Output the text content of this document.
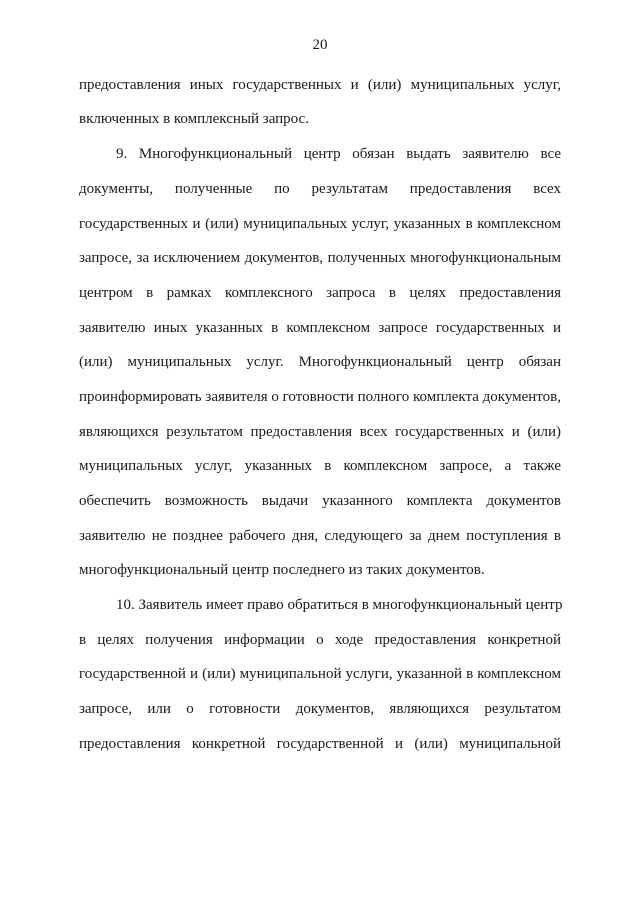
20
предоставления иных государственных и (или) муниципальных услуг,
включенных в комплексный запрос.
9. Многофункциональный центр обязан выдать заявителю все
документы, полученные по результатам предоставления всех
государственных и (или) муниципальных услуг, указанных в комплексном
запросе, за исключением документов, полученных многофункциональным
центром в рамках комплексного запроса в целях предоставления
заявителю иных указанных в комплексном запросе государственных и
(или) муниципальных услуг. Многофункциональный центр обязан
проинформировать заявителя о готовности полного комплекта документов,
являющихся результатом предоставления всех государственных и (или)
муниципальных услуг, указанных в комплексном запросе, а также
обеспечить возможность выдачи указанного комплекта документов
заявителю не позднее рабочего дня, следующего за днем поступления в
многофункциональный центр последнего из таких документов.
10. Заявитель имеет право обратиться в многофункциональный центр
в целях получения информации о ходе предоставления конкретной
государственной и (или) муниципальной услуги, указанной в комплексном
запросе, или о готовности документов, являющихся результатом
предоставления конкретной государственной и (или) муниципальной
